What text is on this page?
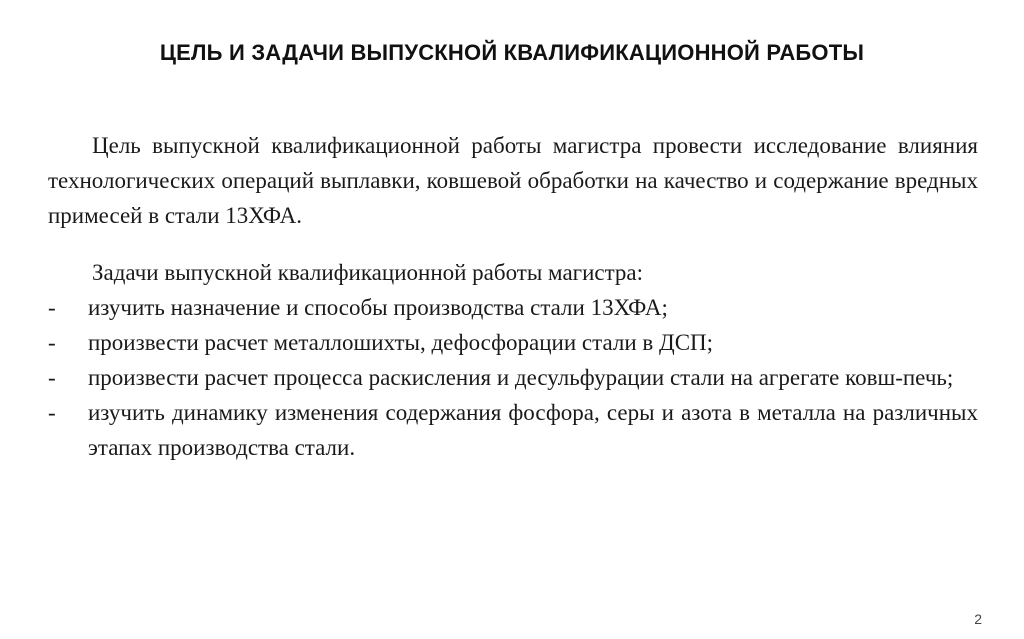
ЦЕЛЬ И ЗАДАЧИ ВЫПУСКНОЙ КВАЛИФИКАЦИОННОЙ РАБОТЫ

Цель выпускной квалификационной работы магистра провести исследование влияния технологических операций выплавки, ковшевой обработки на качество и содержание вредных примесей в стали 13ХФА.

Задачи выпускной квалификационной работы магистра:

- изучить назначение и способы производства стали 13ХФА;
- произвести расчет металлошихты, дефосфорации стали в ДСП;
- произвести расчет процесса раскисления и десульфурации стали на агрегате ковш-печь;
- изучить динамику изменения содержания фосфора, серы и азота в металла на различных этапах производства стали.
2
